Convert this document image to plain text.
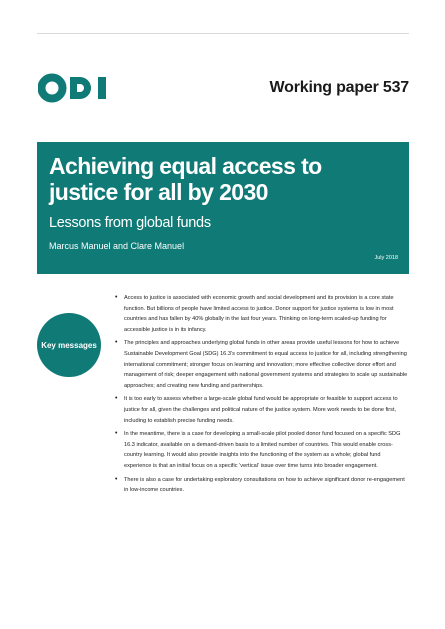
Working paper 537
Achieving equal access to justice for all by 2030
Lessons from global funds
Marcus Manuel and Clare Manuel
July 2018
Key messages
• Access to justice is associated with economic growth and social development and its provision is a core state function. But billions of people have limited access to justice. Donor support for justice systems is low in most countries and has fallen by 40% globally in the last four years. Thinking on long-term scaled-up funding for accessible justice is in its infancy.
• The principles and approaches underlying global funds in other areas provide useful lessons for how to achieve Sustainable Development Goal (SDG) 16.3’s commitment to equal access to justice for all, including strengthening international commitment; stronger focus on learning and innovation; more effective collective donor effort and management of risk; deeper engagement with national government systems and strategies to scale up sustainable approaches; and creating new funding and partnerships.
• It is too early to assess whether a large-scale global fund would be appropriate or feasible to support access to justice for all, given the challenges and political nature of the justice system. More work needs to be done first, including to establish precise funding needs.
• In the meantime, there is a case for developing a small-scale pilot pooled donor fund focused on a specific SDG 16.3 indicator, available on a demand-driven basis to a limited number of countries. This would enable cross-country learning. It would also provide insights into the functioning of the system as a whole; global fund experience is that an initial focus on a specific ‘vertical’ issue over time turns into broader engagement.
• There is also a case for undertaking exploratory consultations on how to achieve significant donor re-engagement in low-income countries.
